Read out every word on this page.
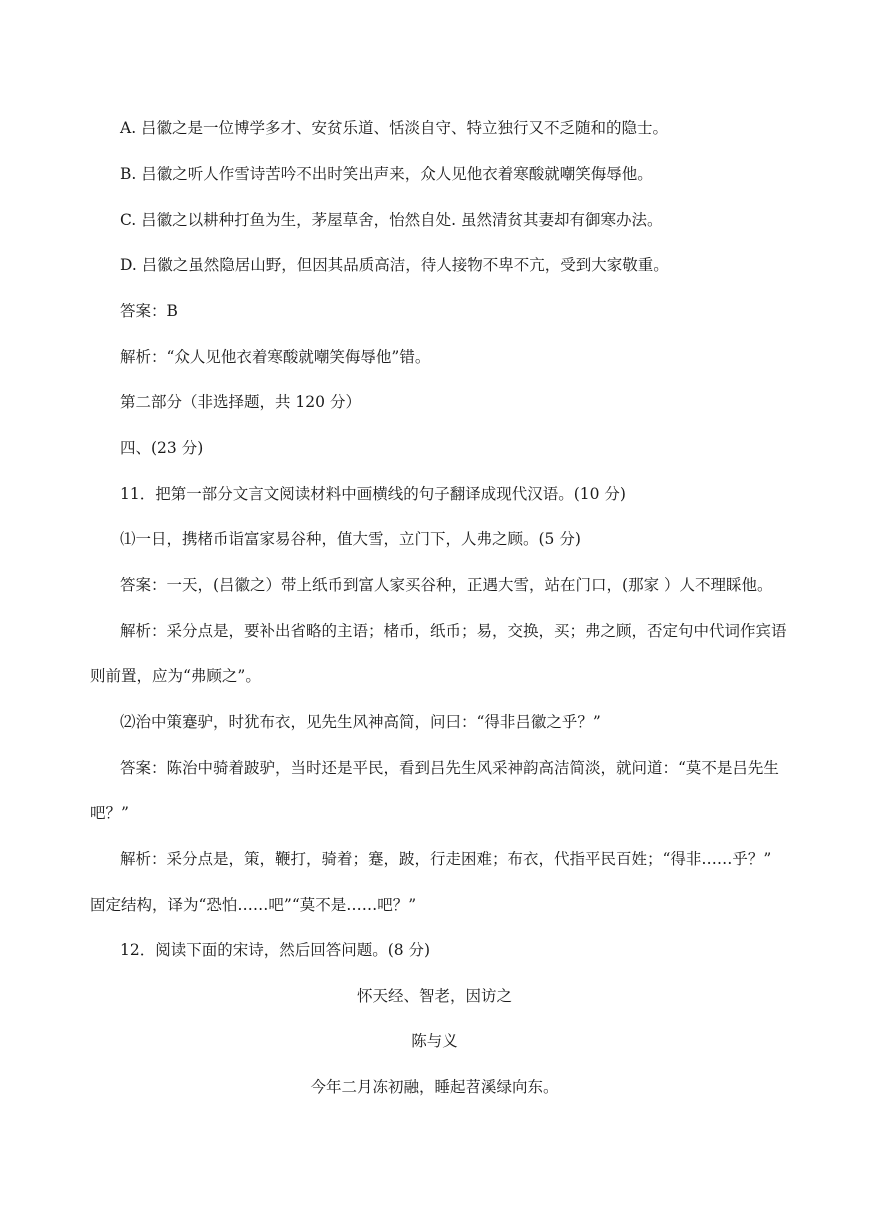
A. 吕徽之是一位博学多才、安贫乐道、恬淡自守、特立独行又不乏随和的隐士。
B. 吕徽之听人作雪诗苦吟不出时笑出声来，众人见他衣着寒酸就嘲笑侮辱他。
C. 吕徽之以耕种打鱼为生，茅屋草舍，怡然自处. 虽然清贫其妻却有御寒办法。
D. 吕徽之虽然隐居山野，但因其品质高洁，待人接物不卑不亢，受到大家敬重。
答案：B
解析：“众人见他衣着寒酸就嘲笑侮辱他”错。
第二部分（非选择题，共 120 分）
四、(23 分)
11．把第一部分文言文阅读材料中画横线的句子翻译成现代汉语。(10 分)
⑴一日，携楮币诣富家易谷种，值大雪，立门下，人弗之顾。(5 分)
答案：一天，(吕徽之）带上纸币到富人家买谷种，正遇大雪，站在门口，(那家 ）人不理睬他。
解析：采分点是，要补出省略的主语；楮币，纸币；易，交换，买；弗之顾，否定句中代词作宾语
则前置，应为“弗顾之”。
⑵治中策蹇驴，时犹布衣，见先生风神高简，问曰：“得非吕徽之乎？”
答案：陈治中骑着跛驴，当时还是平民，看到吕先生风采神韵高洁简淡，就问道：“莫不是吕先生
吧？”
解析：采分点是，策，鞭打，骑着；蹇，跛，行走困难；布衣，代指平民百姓；“得非……乎？”
固定结构，译为“恐怕……吧”“莫不是……吧？”
12．阅读下面的宋诗，然后回答问题。(8 分)
怀天经、智老，因访之
陈与义
今年二月冻初融，睡起苕溪绿向东。
